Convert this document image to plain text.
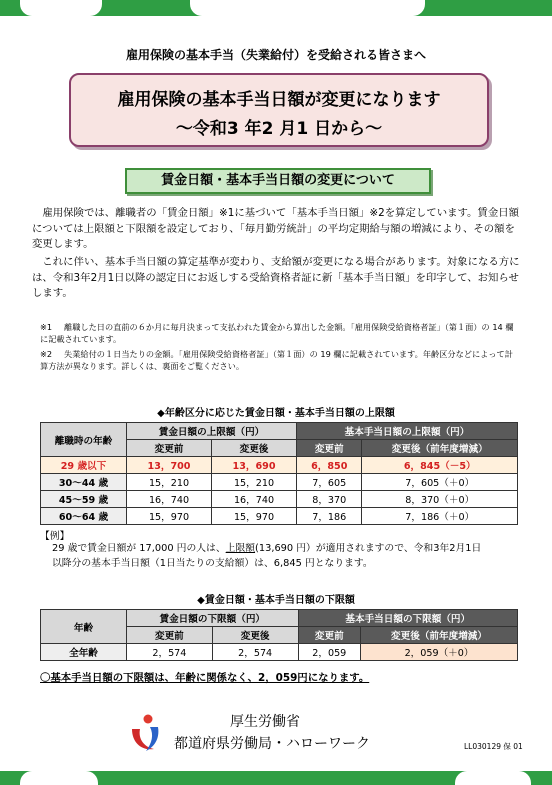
雇用保険の基本手当（失業給付）を受給される皆さまへ
雇用保険の基本手当日額が変更になります
～令和3 年2 月1 日から～
賃金日額・基本手当日額の変更について
　雇用保険では、離職者の「賃金日額」※1に基づいて「基本手当日額」※2を算定しています。賃金日額については上限額と下限額を設定しており、「毎月勤労統計」の平均定期給与額の増減により、その額を変更します。
　これに伴い、基本手当日額の算定基準が変わり、支給額が変更になる場合があります。対象になる方には、令和3年2月1日以降の認定日にお返しする受給資格者証に新「基本手当日額」を印字して、お知らせします。
※1 離職した日の直前の６か月に毎月決まって支払われた賃金から算出した金額。「雇用保険受給資格者証」（第１面）の 14 欄に記載されています。
※2 失業給付の１日当たりの金額。「雇用保険受給資格者証」（第１面）の 19 欄に記載されています。年齢区分などによって計算方法が異なります。詳しくは、裏面をご覧ください。
◆年齢区分に応じた賃金日額・基本手当日額の上限額
離職時の年齢	賃金日額の上限額（円）		基本手当日額の上限額（円）	
	変更前	変更後	変更前	変更後（前年度増減）
29 歳以下	13，700	13，690	6，850	6，845（－5）
30～44 歳	15，210	15，210	7，605	7，605（＋0）
45～59 歳	16，740	16，740	8，370	8，370（＋0）
60～64 歳	15，970	15，970	7，186	7，186（＋0）
【例】
29 歳で賃金日額が 17,000 円の人は、上限額(13,690 円）が適用されますので、令和3年2月1日
以降分の基本手当日額（1日当たりの支給額）は、6,845 円となります。
◆賃金日額・基本手当日額の下限額
年齢	賃金日額の下限額（円）		基本手当日額の下限額（円）	
	変更前	変更後	変更前	変更後（前年度増減）
全年齢	2，574	2，574	2，059	2，059（＋0）
〇基本手当日額の下限額は、年齢に関係なく、2，059円になります。
厚生労働省
都道府県労働局・ハローワーク	LL030129 保 01
